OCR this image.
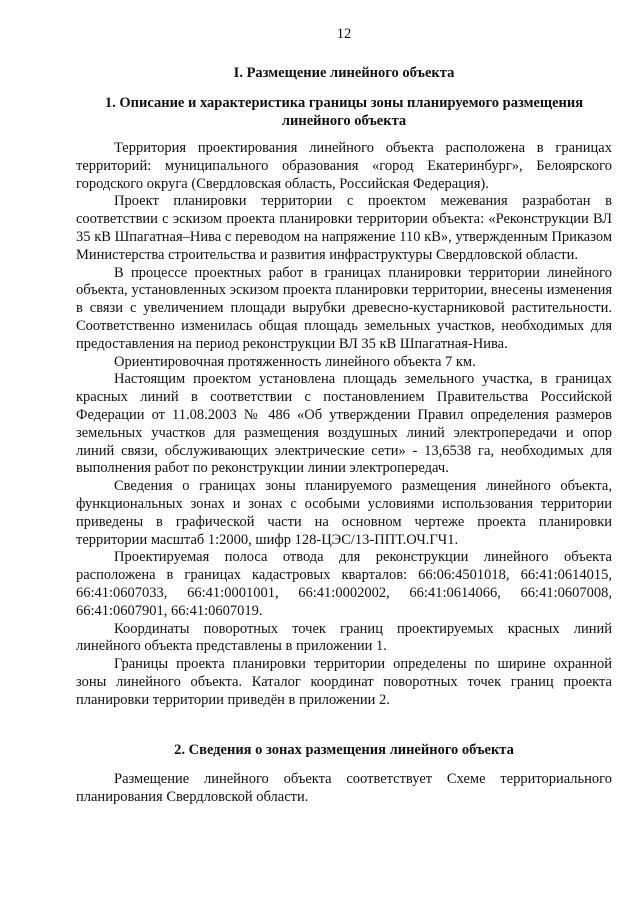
12
I. Размещение линейного объекта
1. Описание и характеристика границы зоны планируемого размещения линейного объекта

Территория проектирования линейного объекта расположена в границах территорий: муниципального образования «город Екатеринбург», Белоярского городского округа (Свердловская область, Российская Федерация).

Проект планировки территории с проектом межевания разработан в соответствии с эскизом проекта планировки территории объекта: «Реконструкции ВЛ 35 кВ Шпагатная–Нива с переводом на напряжение 110 кВ», утвержденным Приказом Министерства строительства и развития инфраструктуры Свердловской области.

В процессе проектных работ в границах планировки территории линейного объекта, установленных эскизом проекта планировки территории, внесены изменения в связи с увеличением площади вырубки древесно-кустарниковой растительности. Соответственно изменилась общая площадь земельных участков, необходимых для предоставления на период реконструкции ВЛ 35 кВ Шпагатная-Нива.

Ориентировочная протяженность линейного объекта 7 км.

Настоящим проектом установлена площадь земельного участка, в границах красных линий в соответствии с постановлением Правительства Российской Федерации от 11.08.2003 № 486 «Об утверждении Правил определения размеров земельных участков для размещения воздушных линий электропередачи и опор линий связи, обслуживающих электрические сети» - 13,6538 га, необходимых для выполнения работ по реконструкции линии электропередач.

Сведения о границах зоны планируемого размещения линейного объекта, функциональных зонах и зонах с особыми условиями использования территории приведены в графической части на основном чертеже проекта планировки территории масштаб 1:2000, шифр 128-ЦЭС/13-ППТ.ОЧ.ГЧ1.

Проектируемая полоса отвода для реконструкции линейного объекта расположена в границах кадастровых кварталов: 66:06:4501018, 66:41:0614015, 66:41:0607033, 66:41:0001001, 66:41:0002002, 66:41:0614066, 66:41:0607008, 66:41:0607901, 66:41:0607019.

Координаты поворотных точек границ проектируемых красных линий линейного объекта представлены в приложении 1.

Границы проекта планировки территории определены по ширине охранной зоны линейного объекта. Каталог координат поворотных точек границ проекта планировки территории приведён в приложении 2.

2. Сведения о зонах размещения линейного объекта

Размещение линейного объекта соответствует Схеме территориального планирования Свердловской области.
